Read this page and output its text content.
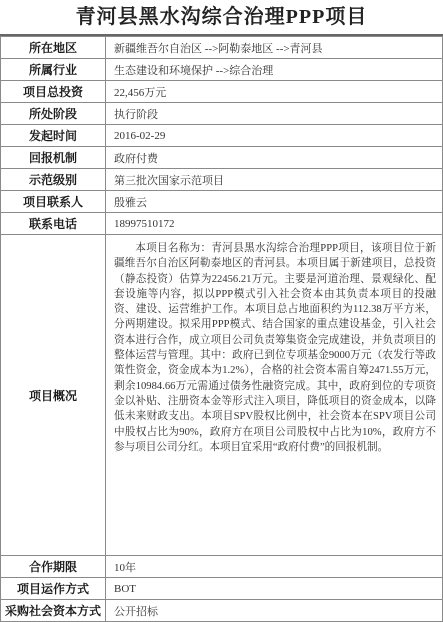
青河县黑水沟综合治理PPP项目
所在地区	新疆维吾尔自治区 -->阿勒泰地区 -->青河县
所属行业	生态建设和环境保护 -->综合治理
项目总投资	22,456万元
所处阶段	执行阶段
发起时间	2016-02-29
回报机制	政府付费
示范级别	第三批次国家示范项目
项目联系人	殷雅云
联系电话	18997510172
项目概况	本项目名称为：青河县黑水沟综合治理PPP项目，该项目位于新疆维吾尔自治区阿勒泰地区的青河县。本项目属于新建项目，总投资（静态投资）估算为22456.21万元。主要是河道治理、景观绿化、配套设施等内容，拟以PPP模式引入社会资本由其负责本项目的投融资、建设、运营维护工作。本项目总占地面积约为112.38万平方米，分两期建设。拟采用PPP模式、结合国家的重点建设基金，引入社会资本进行合作，成立项目公司负责筹集资金完成建设，并负责项目的整体运营与管理。其中：政府已到位专项基金9000万元（农发行等政策性资金，资金成本为1.2%），合格的社会资本需自筹2471.55万元，剩余10984.66万元需通过债务性融资完成。其中，政府到位的专项资金以补贴、注册资本金等形式注入项目，降低项目的资金成本，以降低未来财政支出。本项目SPV股权比例中，社会资本在SPV项目公司中股权占比为90%，政府方在项目公司股权中占比为10%，政府方不参与项目公司分红。本项目宜采用“政府付费”的回报机制。
合作期限	10年
项目运作方式	BOT
采购社会资本方式	公开招标
